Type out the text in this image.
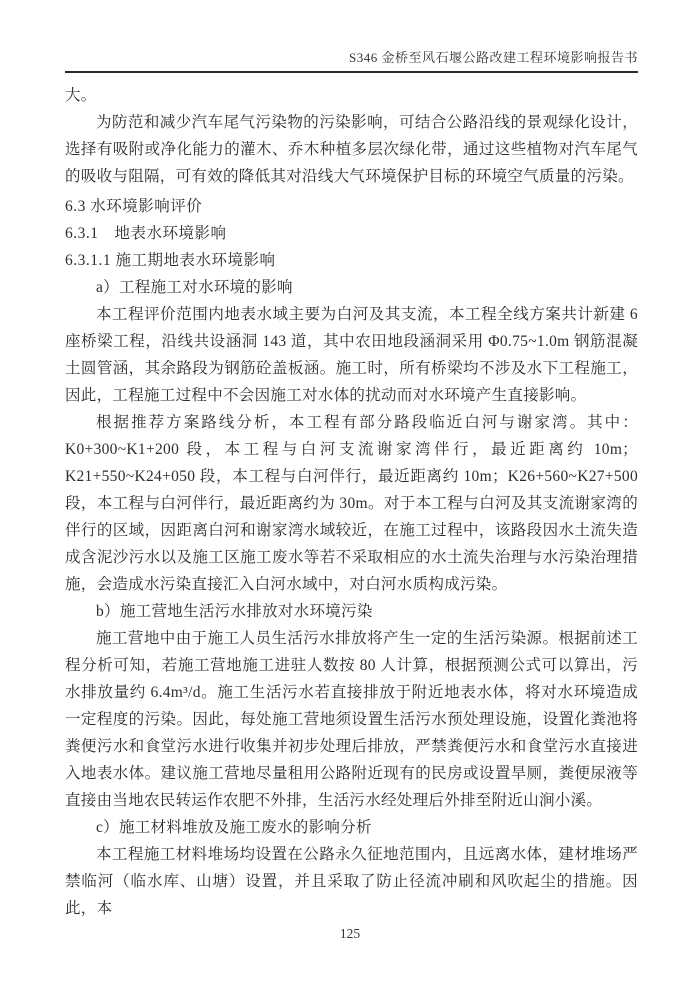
S346 金桥至风石堰公路改建工程环境影响报告书

大。

为防范和减少汽车尾气污染物的污染影响，可结合公路沿线的景观绿化设计，选择有吸附或净化能力的灌木、乔木种植多层次绿化带，通过这些植物对汽车尾气的吸收与阻隔，可有效的降低其对沿线大气环境保护目标的环境空气质量的污染。

6.3 水环境影响评价
6.3.1　地表水环境影响
6.3.1.1 施工期地表水环境影响

a）工程施工对水环境的影响

本工程评价范围内地表水域主要为白河及其支流，本工程全线方案共计新建 6 座桥梁工程，沿线共设涵洞 143 道，其中农田地段涵洞采用 Φ0.75~1.0m 钢筋混凝土圆管涵，其余路段为钢筋砼盖板涵。施工时，所有桥梁均不涉及水下工程施工，因此，工程施工过程中不会因施工对水体的扰动而对水环境产生直接影响。

根据推荐方案路线分析，本工程有部分路段临近白河与谢家湾。其中：K0+300~K1+200 段，本工程与白河支流谢家湾伴行，最近距离约 10m；K21+550~K24+050 段，本工程与白河伴行，最近距离约 10m；K26+560~K27+500 段，本工程与白河伴行，最近距离约为 30m。对于本工程与白河及其支流谢家湾的伴行的区域，因距离白河和谢家湾水域较近，在施工过程中，该路段因水土流失造成含泥沙污水以及施工区施工废水等若不采取相应的水土流失治理与水污染治理措施，会造成水污染直接汇入白河水域中，对白河水质构成污染。

b）施工营地生活污水排放对水环境污染

施工营地中由于施工人员生活污水排放将产生一定的生活污染源。根据前述工程分析可知，若施工营地施工进驻人数按 80 人计算，根据预测公式可以算出，污水排放量约 6.4m³/d。施工生活污水若直接排放于附近地表水体，将对水环境造成一定程度的污染。因此，每处施工营地须设置生活污水预处理设施，设置化粪池将粪便污水和食堂污水进行收集并初步处理后排放，严禁粪便污水和食堂污水直接进入地表水体。建议施工营地尽量租用公路附近现有的民房或设置旱厕，粪便尿液等直接由当地农民转运作农肥不外排，生活污水经处理后外排至附近山涧小溪。

c）施工材料堆放及施工废水的影响分析

本工程施工材料堆场均设置在公路永久征地范围内，且远离水体，建材堆场严禁临河（临水库、山塘）设置，并且采取了防止径流冲刷和风吹起尘的措施。因此，本

125
